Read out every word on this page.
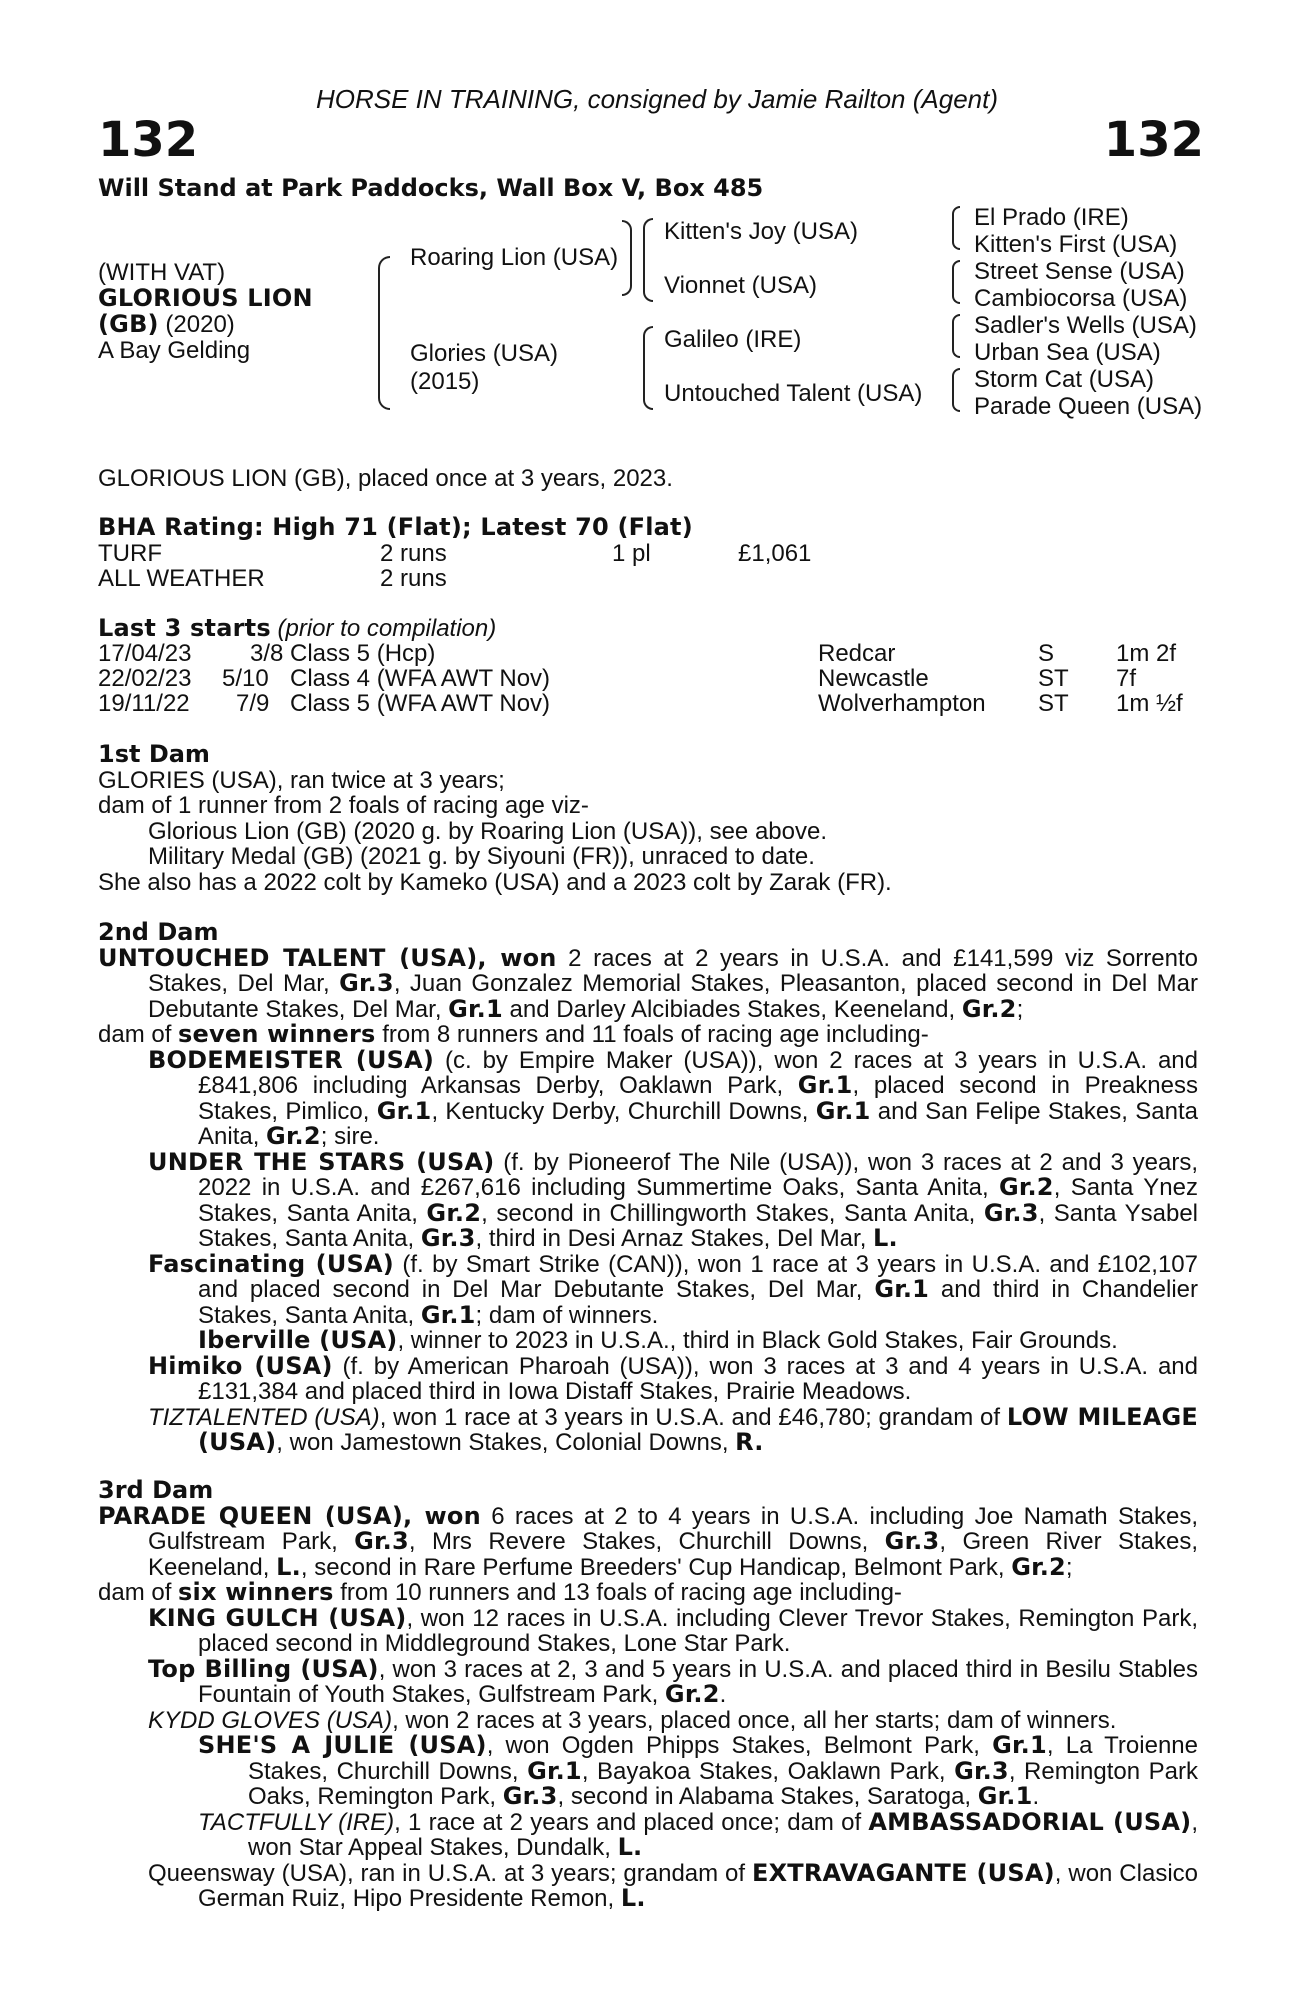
HORSE IN TRAINING, consigned by Jamie Railton (Agent)
132	132
Will Stand at Park Paddocks, Wall Box V, Box 485
(WITH VAT)
GLORIOUS LION
(GB) (2020)
A Bay Gelding
Roaring Lion (USA)
Glories (USA)
(2015)
Kitten's Joy (USA)
Vionnet (USA)
Galileo (IRE)
Untouched Talent (USA)
El Prado (IRE)
Kitten's First (USA)
Street Sense (USA)
Cambiocorsa (USA)
Sadler's Wells (USA)
Urban Sea (USA)
Storm Cat (USA)
Parade Queen (USA)
GLORIOUS LION (GB), placed once at 3 years, 2023.
BHA Rating: High 71 (Flat); Latest 70 (Flat)
TURF	2 runs	1 pl	£1,061
ALL WEATHER	2 runs
Last 3 starts (prior to compilation)
17/04/23 3/8 Class 5 (Hcp)	Redcar	S	1m 2f
22/02/23 5/10 Class 4 (WFA AWT Nov)	Newcastle	ST 7f
19/11/22 7/9 Class 5 (WFA AWT Nov)	Wolverhampton ST 1m ½f

1st Dam

GLORIES (USA), ran twice at 3 years;

dam of 1 runner from 2 foals of racing age viz-

Glorious Lion (GB) (2020 g. by Roaring Lion (USA)), see above.

Military Medal (GB) (2021 g. by Siyouni (FR)), unraced to date.

She also has a 2022 colt by Kameko (USA) and a 2023 colt by Zarak (FR).

2nd Dam

UNTOUCHED TALENT (USA), won 2 races at 2 years in U.S.A. and £141,599 viz Sorrento Stakes, Del Mar, Gr.3, Juan Gonzalez Memorial Stakes, Pleasanton, placed second in Del Mar Debutante Stakes, Del Mar, Gr.1 and Darley Alcibiades Stakes, Keeneland, Gr.2;

dam of seven winners from 8 runners and 11 foals of racing age including-

BODEMEISTER (USA) (c. by Empire Maker (USA)), won 2 races at 3 years in U.S.A. and £841,806 including Arkansas Derby, Oaklawn Park, Gr.1, placed second in Preakness Stakes, Pimlico, Gr.1, Kentucky Derby, Churchill Downs, Gr.1 and San Felipe Stakes, Santa Anita, Gr.2; sire.

UNDER THE STARS (USA) (f. by Pioneerof The Nile (USA)), won 3 races at 2 and 3 years, 2022 in U.S.A. and £267,616 including Summertime Oaks, Santa Anita, Gr.2, Santa Ynez Stakes, Santa Anita, Gr.2, second in Chillingworth Stakes, Santa Anita, Gr.3, Santa Ysabel Stakes, Santa Anita, Gr.3, third in Desi Arnaz Stakes, Del Mar, L.

Fascinating (USA) (f. by Smart Strike (CAN)), won 1 race at 3 years in U.S.A. and £102,107 and placed second in Del Mar Debutante Stakes, Del Mar, Gr.1 and third in Chandelier Stakes, Santa Anita, Gr.1; dam of winners.

Iberville (USA), winner to 2023 in U.S.A., third in Black Gold Stakes, Fair Grounds.

Himiko (USA) (f. by American Pharoah (USA)), won 3 races at 3 and 4 years in U.S.A. and £131,384 and placed third in Iowa Distaff Stakes, Prairie Meadows.

TIZTALENTED (USA), won 1 race at 3 years in U.S.A. and £46,780; grandam of LOW MILEAGE (USA), won Jamestown Stakes, Colonial Downs, R.

3rd Dam

PARADE QUEEN (USA), won 6 races at 2 to 4 years in U.S.A. including Joe Namath Stakes, Gulfstream Park, Gr.3, Mrs Revere Stakes, Churchill Downs, Gr.3, Green River Stakes, Keeneland, L., second in Rare Perfume Breeders' Cup Handicap, Belmont Park, Gr.2;

dam of six winners from 10 runners and 13 foals of racing age including-

KING GULCH (USA), won 12 races in U.S.A. including Clever Trevor Stakes, Remington Park, placed second in Middleground Stakes, Lone Star Park.

Top Billing (USA), won 3 races at 2, 3 and 5 years in U.S.A. and placed third in Besilu Stables Fountain of Youth Stakes, Gulfstream Park, Gr.2.

KYDD GLOVES (USA), won 2 races at 3 years, placed once, all her starts; dam of winners.

SHE'S A JULIE (USA), won Ogden Phipps Stakes, Belmont Park, Gr.1, La Troienne Stakes, Churchill Downs, Gr.1, Bayakoa Stakes, Oaklawn Park, Gr.3, Remington Park Oaks, Remington Park, Gr.3, second in Alabama Stakes, Saratoga, Gr.1.

TACTFULLY (IRE), 1 race at 2 years and placed once; dam of AMBASSADORIAL (USA), won Star Appeal Stakes, Dundalk, L.

Queensway (USA), ran in U.S.A. at 3 years; grandam of EXTRAVAGANTE (USA), won Clasico German Ruiz, Hipo Presidente Remon, L.
